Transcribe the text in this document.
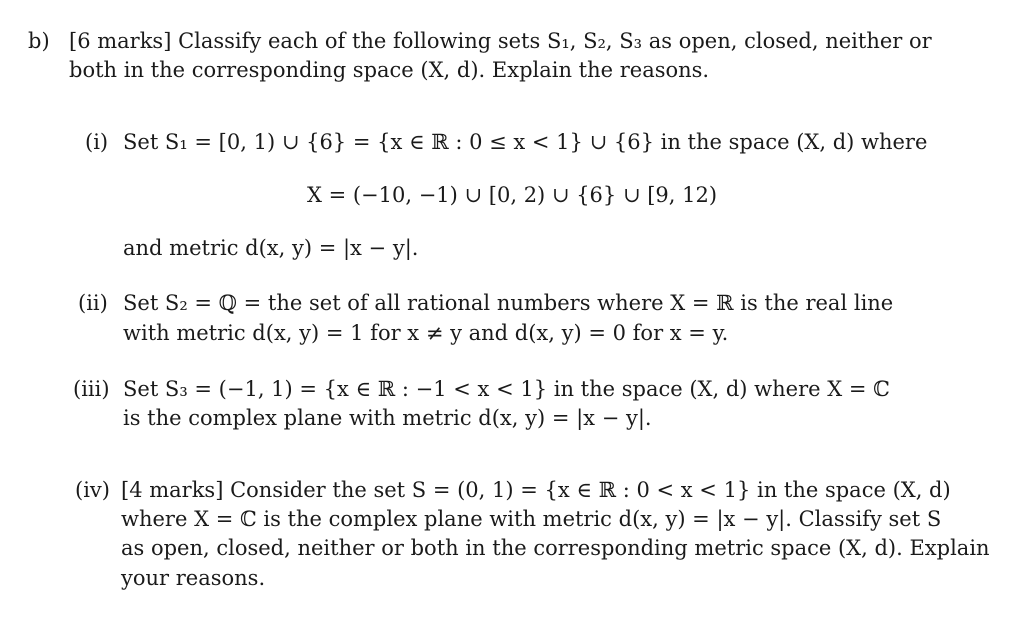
b) [6 marks] Classify each of the following sets S₁, S₂, S₃ as open, closed, neither or
both in the corresponding space (X, d). Explain the reasons.
(i) Set S₁ = [0, 1) ∪ {6} = {x ∈ ℝ : 0 ≤ x < 1} ∪ {6} in the space (X, d) where
X = (−10, −1) ∪ [0, 2) ∪ {6} ∪ [9, 12)
and metric d(x, y) = |x − y|.
(ii) Set S₂ = ℚ = the set of all rational numbers where X = ℝ is the real line
with metric d(x, y) = 1 for x ≠ y and d(x, y) = 0 for x = y.
(iii) Set S₃ = (−1, 1) = {x ∈ ℝ : −1 < x < 1} in the space (X, d) where X = ℂ
is the complex plane with metric d(x, y) = |x − y|.
(iv) [4 marks] Consider the set S = (0, 1) = {x ∈ ℝ : 0 < x < 1} in the space (X, d)
where X = ℂ is the complex plane with metric d(x, y) = |x − y|. Classify set S
as open, closed, neither or both in the corresponding metric space (X, d). Explain
your reasons.
